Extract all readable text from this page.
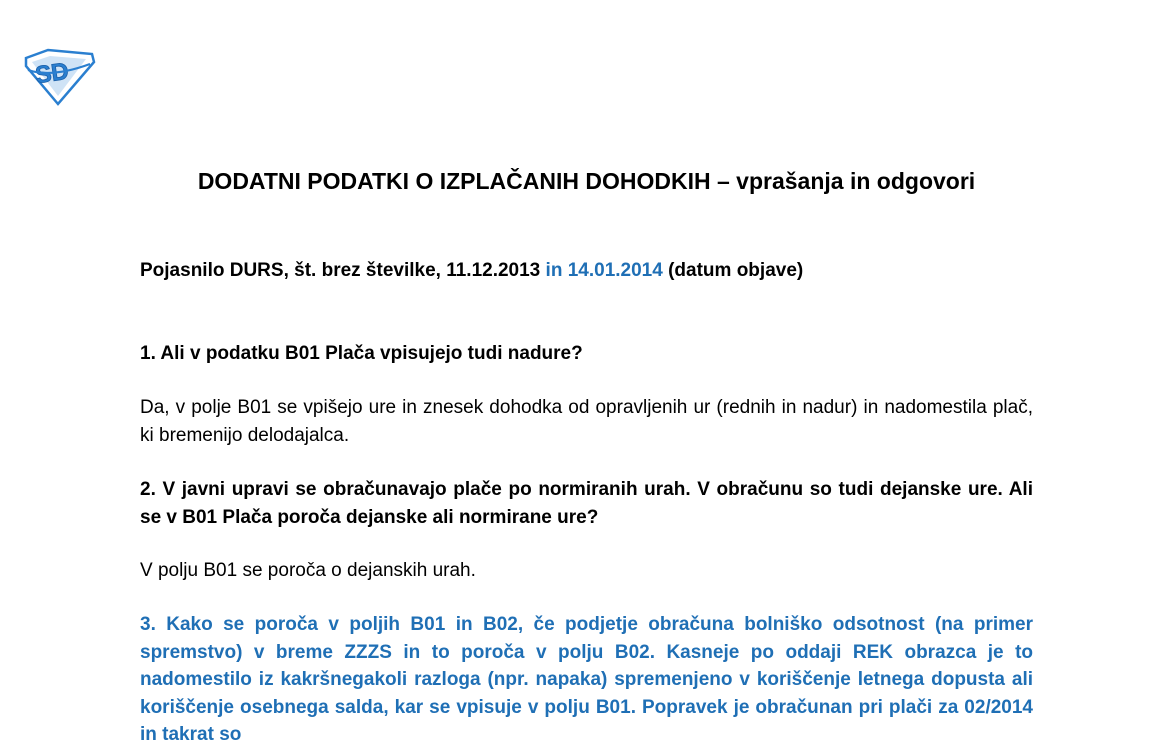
SD
DODATNI PODATKI O IZPLAČANIH DOHODKIH – vprašanja in odgovori
Pojasnilo DURS, št. brez številke, 11.12.2013 in 14.01.2014 (datum objave)
1. Ali v podatku B01 Plača vpisujejo tudi nadure?
Da, v polje B01 se vpišejo ure in znesek dohodka od opravljenih ur (rednih in nadur) in nadomestila plač, ki bremenijo delodajalca.
2. V javni upravi se obračunavajo plače po normiranih urah. V obračunu so tudi dejanske ure. Ali se v B01 Plača poroča dejanske ali normirane ure?
V polju B01 se poroča o dejanskih urah.
3. Kako se poroča v poljih B01 in B02, če podjetje obračuna bolniško odsotnost (na primer spremstvo) v breme ZZZS in to poroča v polju B02. Kasneje po oddaji REK obrazca je to nadomestilo iz kakršnegakoli razloga (npr. napaka) spremenjeno v koriščenje letnega dopusta ali koriščenje osebnega salda, kar se vpisuje v polju B01. Popravek je obračunan pri plači za 02/2014 in takrat so
